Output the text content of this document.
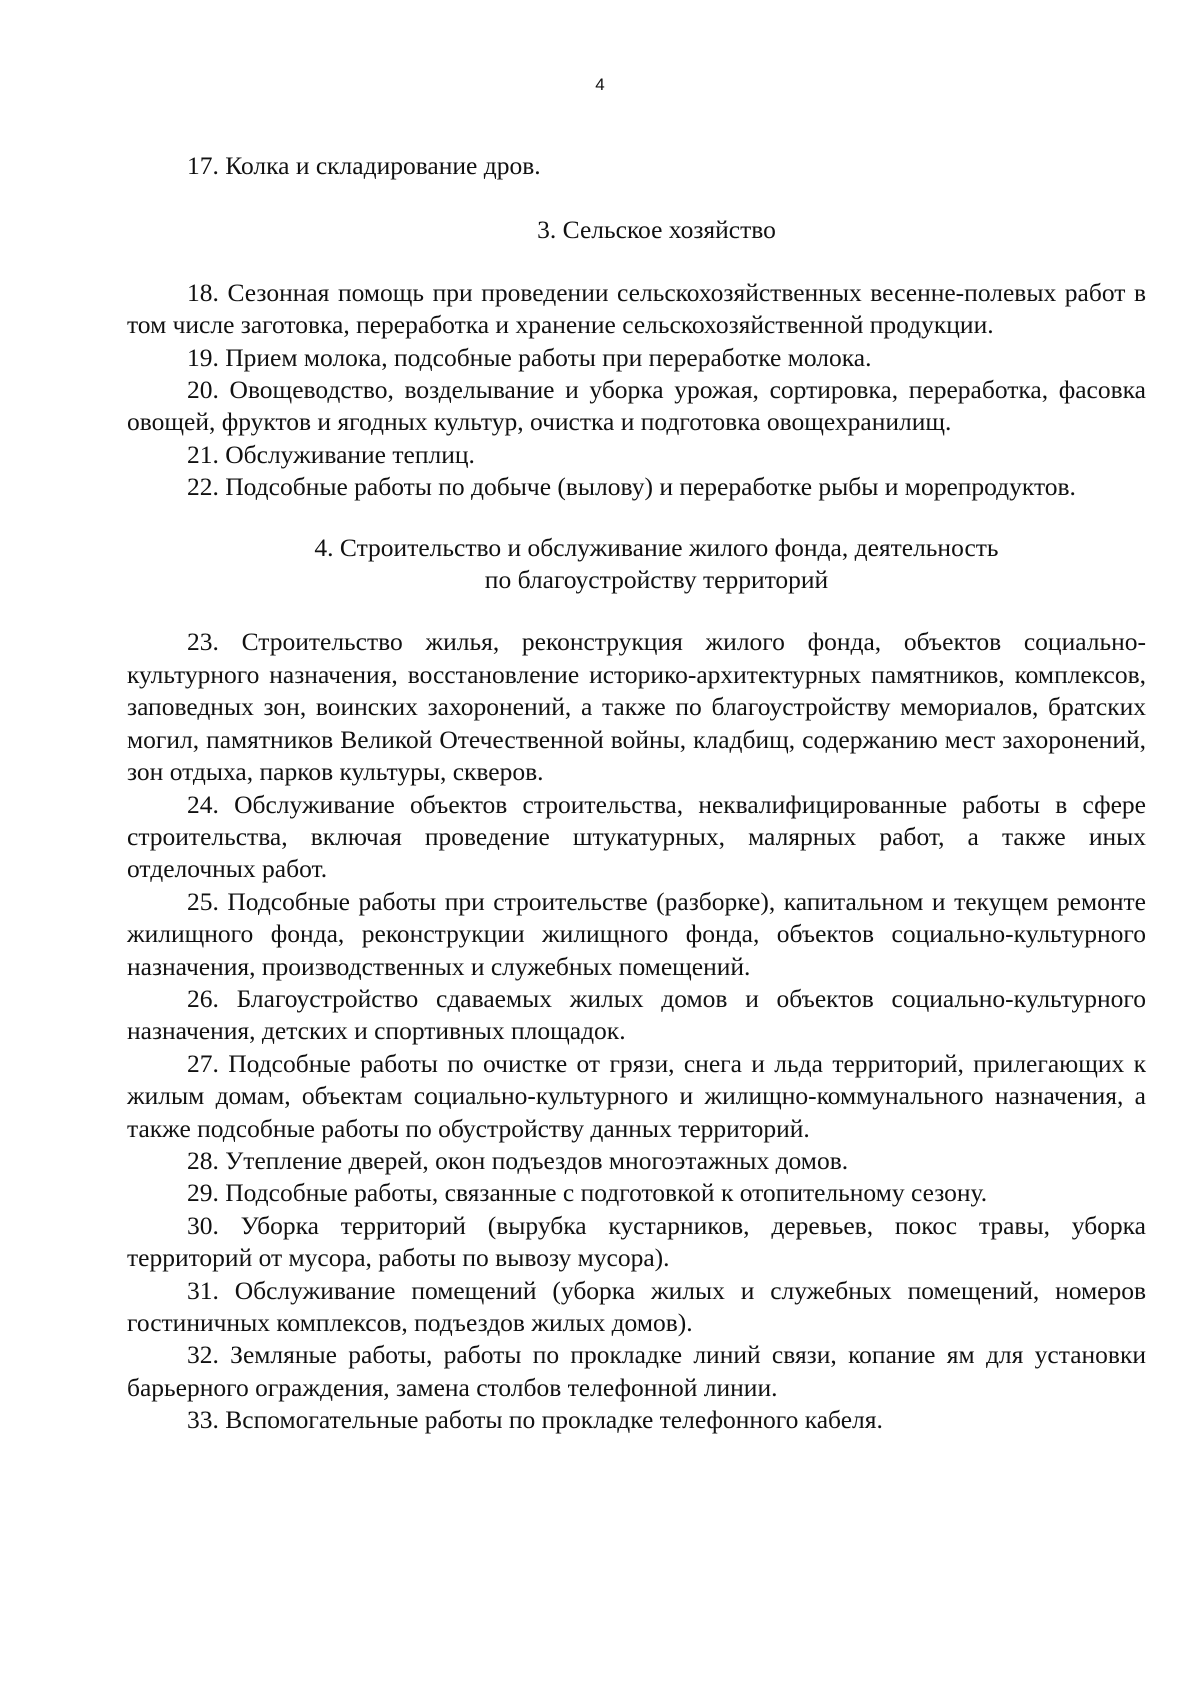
4

17. Колка и складирование дров.

3. Сельское хозяйство

18. Сезонная помощь при проведении сельскохозяйственных весенне-полевых работ в том числе заготовка, переработка и хранение сельскохозяйственной продукции.

19. Прием молока, подсобные работы при переработке молока.

20. Овощеводство, возделывание и уборка урожая, сортировка, переработка, фасовка овощей, фруктов и ягодных культур, очистка и подготовка овощехранилищ.

21. Обслуживание теплиц.

22. Подсобные работы по добыче (вылову) и переработке рыбы и морепродуктов.

4. Строительство и обслуживание жилого фонда, деятельность

по благоустройству территорий

23. Строительство жилья, реконструкция жилого фонда, объектов социально-культурного назначения, восстановление историко-архитектурных памятников, комплексов, заповедных зон, воинских захоронений, а также по благоустройству мемориалов, братских могил, памятников Великой Отечественной войны, кладбищ, содержанию мест захоронений, зон отдыха, парков культуры, скверов.

24. Обслуживание объектов строительства, неквалифицированные работы в сфере строительства, включая проведение штукатурных, малярных работ, а также иных отделочных работ.

25. Подсобные работы при строительстве (разборке), капитальном и текущем ремонте жилищного фонда, реконструкции жилищного фонда, объектов социально-культурного назначения, производственных и служебных помещений.

26. Благоустройство сдаваемых жилых домов и объектов социально-культурного назначения, детских и спортивных площадок.

27. Подсобные работы по очистке от грязи, снега и льда территорий, прилегающих к жилым домам, объектам социально-культурного и жилищно-коммунального назначения, а также подсобные работы по обустройству данных территорий.

28. Утепление дверей, окон подъездов многоэтажных домов.

29. Подсобные работы, связанные с подготовкой к отопительному сезону.

30. Уборка территорий (вырубка кустарников, деревьев, покос травы, уборка территорий от мусора, работы по вывозу мусора).

31. Обслуживание помещений (уборка жилых и служебных помещений, номеров гостиничных комплексов, подъездов жилых домов).

32. Земляные работы, работы по прокладке линий связи, копание ям для установки барьерного ограждения, замена столбов телефонной линии.

33. Вспомогательные работы по прокладке телефонного кабеля.
